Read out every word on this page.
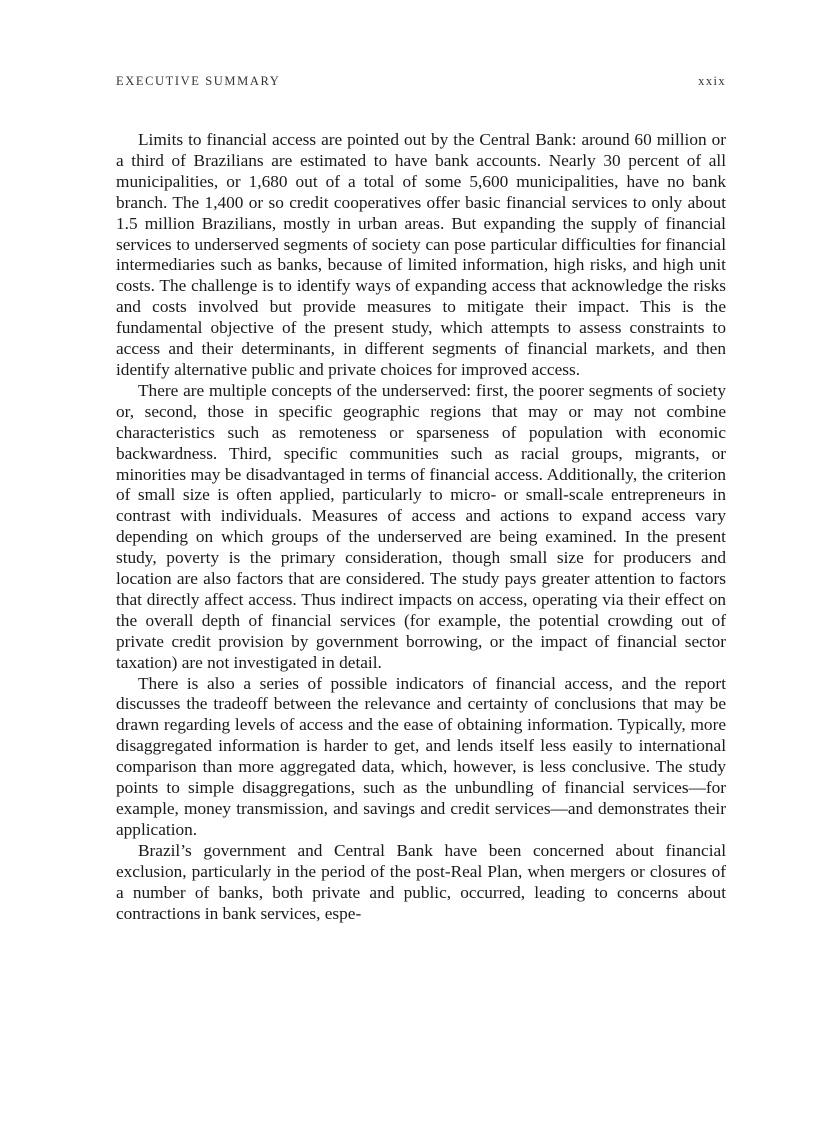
EXECUTIVE SUMMARY	xxix

Limits to financial access are pointed out by the Central Bank: around 60 million or a third of Brazilians are estimated to have bank accounts. Nearly 30 percent of all municipalities, or 1,680 out of a total of some 5,600 municipalities, have no bank branch. The 1,400 or so credit cooperatives offer basic financial services to only about 1.5 million Brazilians, mostly in urban areas. But expanding the supply of financial services to underserved segments of society can pose particular difficulties for financial intermediaries such as banks, because of limited information, high risks, and high unit costs. The challenge is to identify ways of expanding access that acknowledge the risks and costs involved but provide measures to mitigate their impact. This is the fundamental objective of the present study, which attempts to assess constraints to access and their determinants, in different segments of financial markets, and then identify alternative public and private choices for improved access.

There are multiple concepts of the underserved: first, the poorer segments of society or, second, those in specific geographic regions that may or may not combine characteristics such as remoteness or sparseness of population with economic backwardness. Third, specific communities such as racial groups, migrants, or minorities may be disadvantaged in terms of financial access. Additionally, the criterion of small size is often applied, particularly to micro- or small-scale entrepreneurs in contrast with individuals. Measures of access and actions to expand access vary depending on which groups of the underserved are being examined. In the present study, poverty is the primary consideration, though small size for producers and location are also factors that are considered. The study pays greater attention to factors that directly affect access. Thus indirect impacts on access, operating via their effect on the overall depth of financial services (for example, the potential crowding out of private credit provision by government borrowing, or the impact of financial sector taxation) are not investigated in detail.

There is also a series of possible indicators of financial access, and the report discusses the tradeoff between the relevance and certainty of conclusions that may be drawn regarding levels of access and the ease of obtaining information. Typically, more disaggregated information is harder to get, and lends itself less easily to international comparison than more aggregated data, which, however, is less conclusive. The study points to simple disaggregations, such as the unbundling of financial services—for example, money transmission, and savings and credit services—and demonstrates their application.

Brazil’s government and Central Bank have been concerned about financial exclusion, particularly in the period of the post-Real Plan, when mergers or closures of a number of banks, both private and public, occurred, leading to concerns about contractions in bank services, espe-
